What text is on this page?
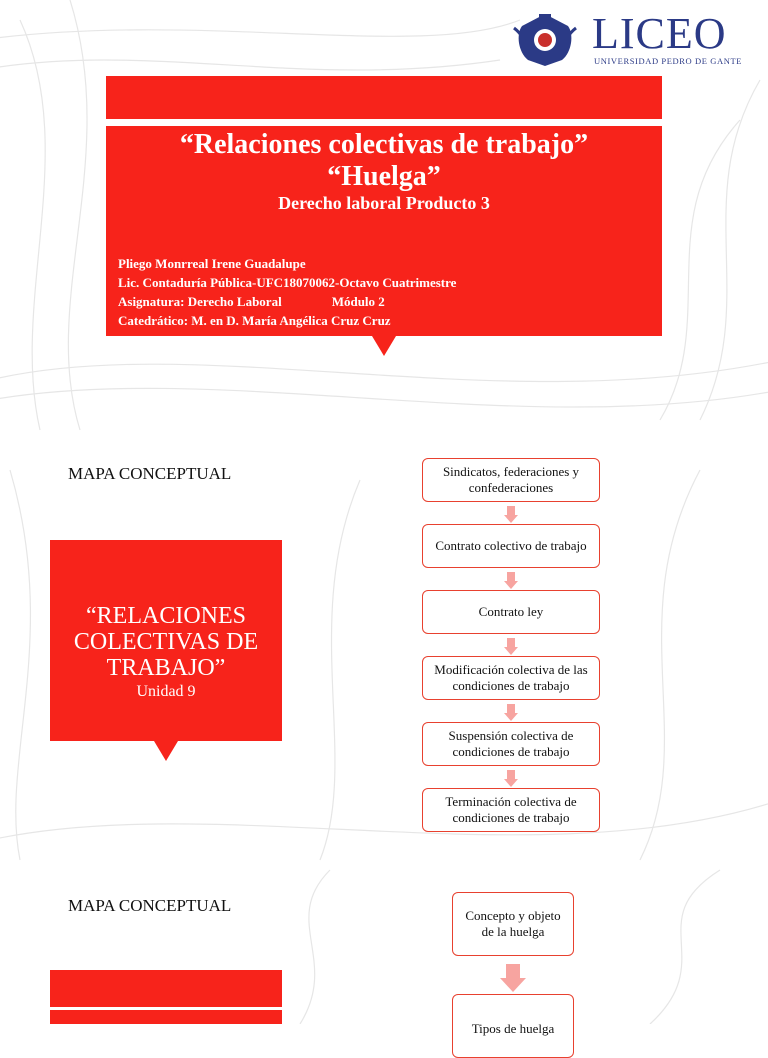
LICEO
UNIVERSIDAD PEDRO DE GANTE
“Relaciones colectivas de trabajo”
“Huelga”
Derecho laboral Producto 3
Pliego Monrreal Irene Guadalupe
Lic. Contaduría Pública-UFC18070062-Octavo Cuatrimestre
Asignatura: Derecho Laboral	Módulo 2
Catedrático: M. en D. María Angélica Cruz Cruz
MAPA CONCEPTUAL
“RELACIONES COLECTIVAS DE TRABAJO”
Unidad 9
Sindicatos, federaciones y confederaciones
Contrato colectivo de trabajo
Contrato ley
Modificación colectiva de las condiciones de trabajo
Suspensión colectiva de condiciones de trabajo
Terminación colectiva de condiciones de trabajo
MAPA CONCEPTUAL
Concepto y objeto de la huelga
Tipos de huelga
